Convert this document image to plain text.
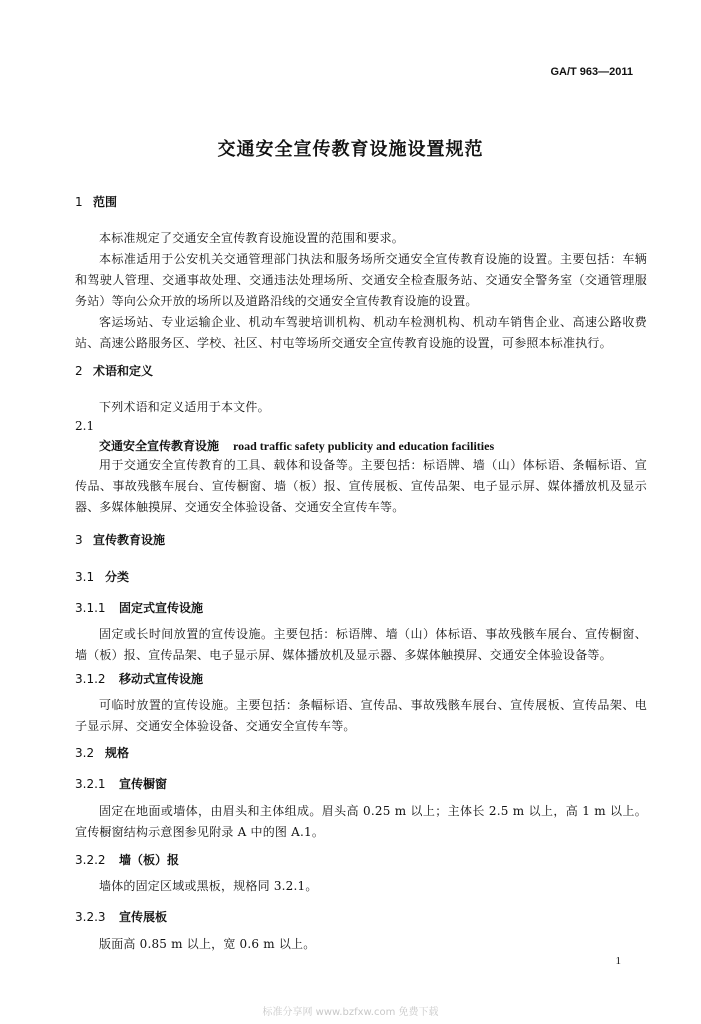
GA/T 963—2011
交通安全宣传教育设施设置规范
1 范围
本标准规定了交通安全宣传教育设施设置的范围和要求。
本标准适用于公安机关交通管理部门执法和服务场所交通安全宣传教育设施的设置。主要包括：车辆和驾驶人管理、交通事故处理、交通违法处理场所、交通安全检查服务站、交通安全警务室（交通管理服务站）等向公众开放的场所以及道路沿线的交通安全宣传教育设施的设置。
客运场站、专业运输企业、机动车驾驶培训机构、机动车检测机构、机动车销售企业、高速公路收费站、高速公路服务区、学校、社区、村屯等场所交通安全宣传教育设施的设置，可参照本标准执行。
2 术语和定义
下列术语和定义适用于本文件。
2.1
交通安全宣传教育设施 road traffic safety publicity and education facilities
用于交通安全宣传教育的工具、载体和设备等。主要包括：标语牌、墙（山）体标语、条幅标语、宣传品、事故残骸车展台、宣传橱窗、墙（板）报、宣传展板、宣传品架、电子显示屏、媒体播放机及显示器、多媒体触摸屏、交通安全体验设备、交通安全宣传车等。
3 宣传教育设施
3.1 分类
3.1.1 固定式宣传设施
固定或长时间放置的宣传设施。主要包括：标语牌、墙（山）体标语、事故残骸车展台、宣传橱窗、墙（板）报、宣传品架、电子显示屏、媒体播放机及显示器、多媒体触摸屏、交通安全体验设备等。
3.1.2 移动式宣传设施
可临时放置的宣传设施。主要包括：条幅标语、宣传品、事故残骸车展台、宣传展板、宣传品架、电子显示屏、交通安全体验设备、交通安全宣传车等。
3.2 规格
3.2.1 宣传橱窗
固定在地面或墙体，由眉头和主体组成。眉头高 0.25 m 以上；主体长 2.5 m 以上，高 1 m 以上。宣传橱窗结构示意图参见附录 A 中的图 A.1。
3.2.2 墙（板）报
墙体的固定区域或黑板，规格同 3.2.1。
3.2.3 宣传展板
版面高 0.85 m 以上，宽 0.6 m 以上。
1
标准分享网 www.bzfxw.com 免费下载
